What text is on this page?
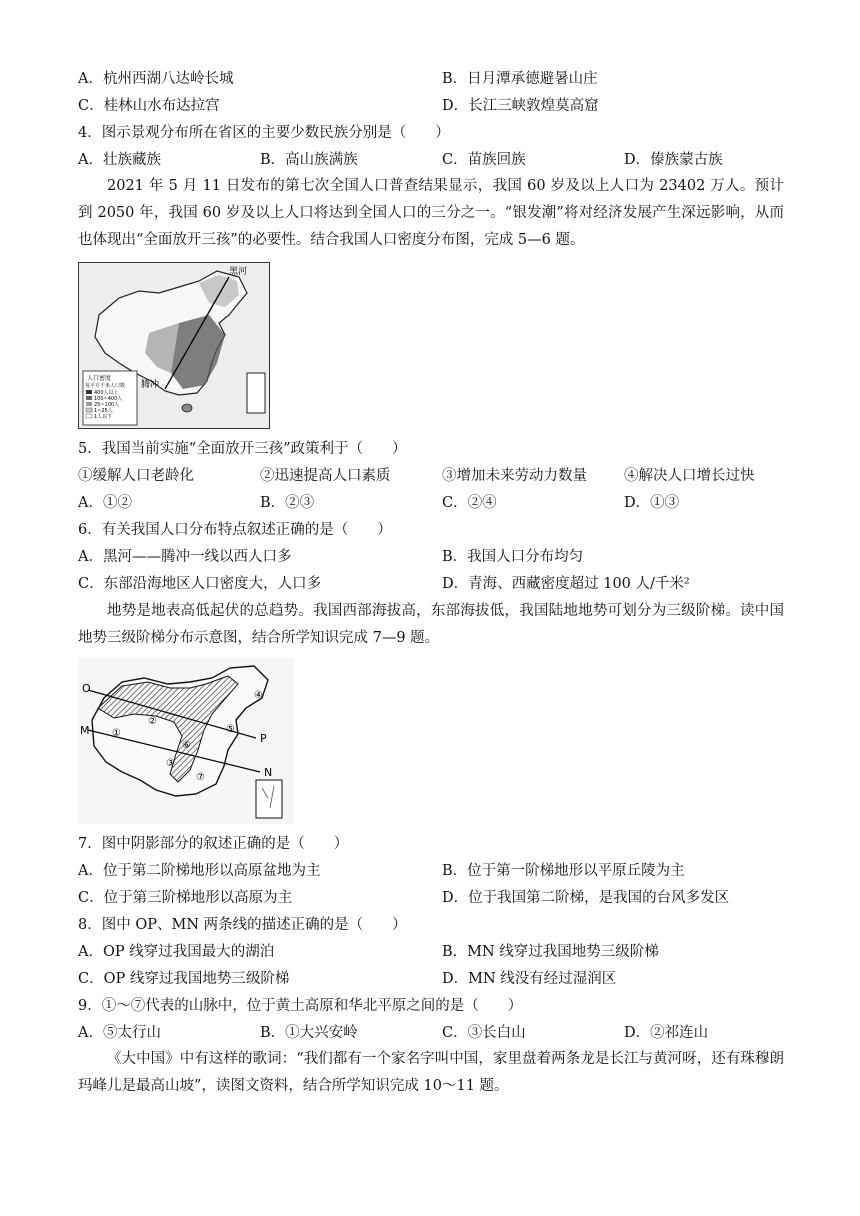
A．杭州西湖八达岭长城	B．日月潭承德避暑山庄
C．桂林山水布达拉宫	D．长江三峡敦煌莫高窟
4．图示景观分布所在省区的主要少数民族分别是（　　）
A．壮族藏族	B．高山族满族	C．苗族回族	D．傣族蒙古族
2021 年 5 月 11 日发布的第七次全国人口普查结果显示，我国 60 岁及以上人口为 23402 万人。预计到 2050 年，我国 60 岁及以上人口将达到全国人口的三分之一。“银发潮”将对经济发展产生深远影响，从而也体现出“全面放开三孩”的必要性。结合我国人口密度分布图，完成 5—6 题。
黑河
腾冲
人口密度
每平方千米人口数
400人以上
100~400人
25~100人
1~25人
1人以下
5．我国当前实施“全面放开三孩”政策利于（　　）
①缓解人口老龄化	②迅速提高人口素质	③增加未来劳动力数量	④解决人口增长过快
A．①②	B．②③	C．②④	D．①③
6．有关我国人口分布特点叙述正确的是（　　）
A．黑河——腾冲一线以西人口多	B．我国人口分布均匀
C．东部沿海地区人口密度大，人口多	D．青海、西藏密度超过 100 人/千米²
地势是地表高低起伏的总趋势。我国西部海拔高，东部海拔低，我国陆地地势可划分为三级阶梯。读中国地势三级阶梯分布示意图，结合所学知识完成 7—9 题。
O
M
P
N
①
②
③
④
⑤
⑥
⑦
7．图中阴影部分的叙述正确的是（　　）
A．位于第二阶梯地形以高原盆地为主	B．位于第一阶梯地形以平原丘陵为主
C．位于第三阶梯地形以高原为主	D．位于我国第二阶梯，是我国的台风多发区
8．图中 OP、MN 两条线的描述正确的是（　　）
A．OP 线穿过我国最大的湖泊	B．MN 线穿过我国地势三级阶梯
C．OP 线穿过我国地势三级阶梯	D．MN 线没有经过湿润区
9．①～⑦代表的山脉中，位于黄土高原和华北平原之间的是（　　）
A．⑤太行山	B．①大兴安岭	C．③长白山	D．②祁连山
《大中国》中有这样的歌词：“我们都有一个家名字叫中国，家里盘着两条龙是长江与黄河呀，还有珠穆朗玛峰儿是最高山坡”，读图文资料，结合所学知识完成 10～11 题。
